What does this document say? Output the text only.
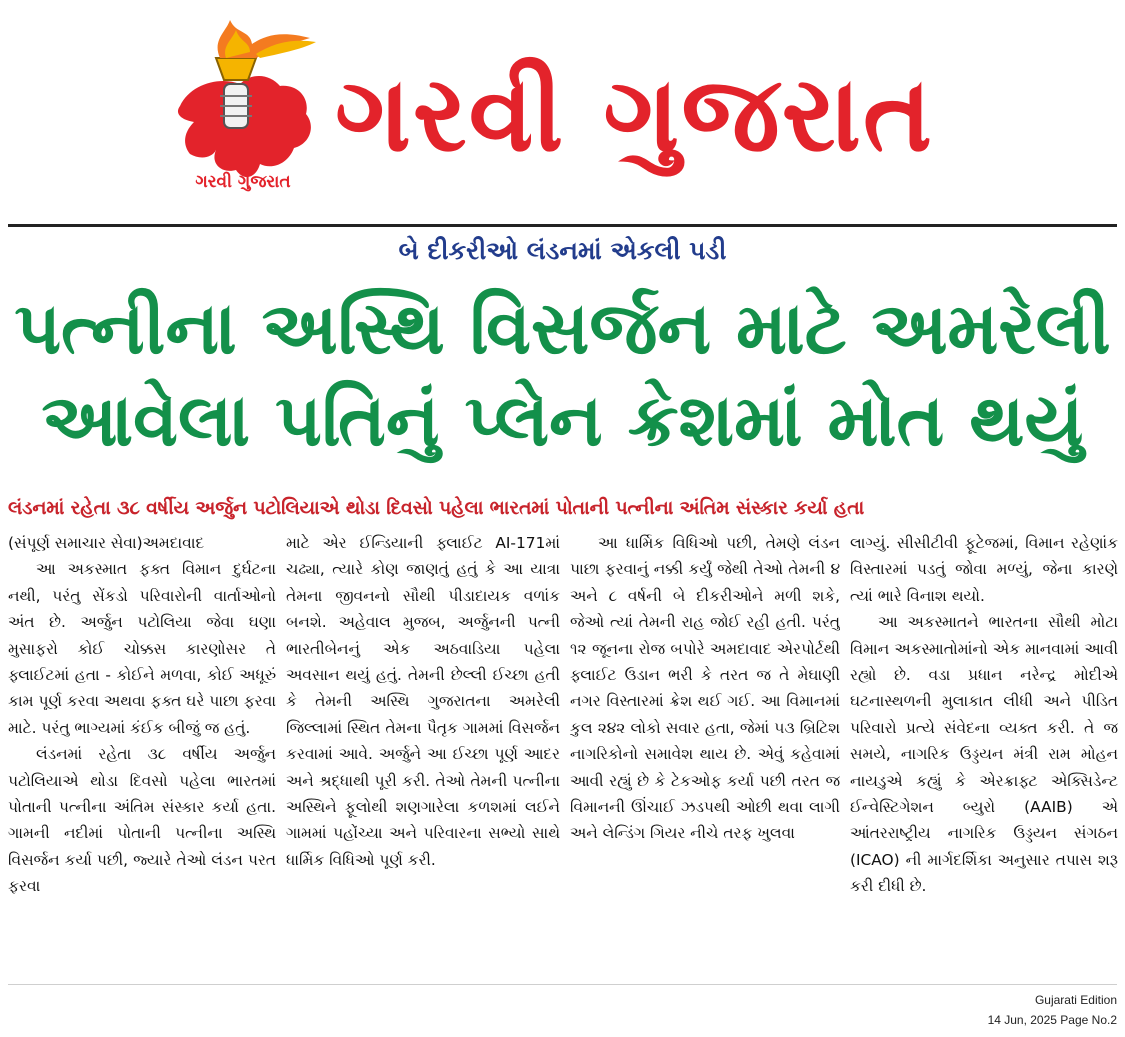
ગરવી ગુજરાત
ગરવી ગુજરાત
બે દીકરીઓ લંડનમાં એકલી પડી
પત્નીના અસ્થિ વિસર્જન માટે અમરેલી
આવેલા પતિનું પ્લેન ક્રેશમાં મોત થયું
લંડનમાં રહેતા ૩૮ વર્ષીય અર્જુન પટોલિયાએ થોડા દિવસો પહેલા ભારતમાં પોતાની પત્નીના અંતિમ સંસ્કાર કર્યા હતા

(સંપૂર્ણ સમાચાર સેવા)અમદાવાદ

આ અકસ્માત ફક્ત વિમાન દુર્ઘટના નથી, પરંતુ સેંકડો પરિવારોની વાર્તાઓનો અંત છે. અર્જુન પટોલિયા જેવા ઘણા મુસાફરો કોઈ ચોક્કસ કારણોસર તે ફ્લાઈટમાં હતા - કોઈને મળવા, કોઈ અધૂરું કામ પૂર્ણ કરવા અથવા ફક્ત ઘરે પાછા ફરવા માટે. પરંતુ ભાગ્યમાં કંઈક બીજું જ હતું.

લંડનમાં રહેતા ૩૮ વર્ષીય અર્જુન પટોલિયાએ થોડા દિવસો પહેલા ભારતમાં પોતાની પત્નીના અંતિમ સંસ્કાર કર્યા હતા. ગામની નદીમાં પોતાની પત્નીના અસ્થિ વિસર્જન કર્યા પછી, જ્યારે તેઓ લંડન પરત ફરવા

માટે એર ઈન્ડિયાની ફ્લાઈટ AI-171માં ચઢ્યા, ત્યારે કોણ જાણતું હતું કે આ યાત્રા તેમના જીવનનો સૌથી પીડાદાયક વળાંક બનશે. અહેવાલ મુજબ, અર્જુનની પત્ની ભારતીબેનનું એક અઠવાડિયા પહેલા અવસાન થયું હતું. તેમની છેલ્લી ઈચ્છા હતી કે તેમની અસ્થિ ગુજરાતના અમરેલી જિલ્લામાં સ્થિત તેમના પૈતૃક ગામમાં વિસર્જન કરવામાં આવે. અર્જુને આ ઈચ્છા પૂર્ણ આદર અને શ્રદ્ધાથી પૂરી કરી. તેઓ તેમની પત્નીના અસ્થિને ફૂલોથી શણગારેલા કળશમાં લઈને ગામમાં પહોંચ્યા અને પરિવારના સભ્યો સાથે ધાર્મિક વિધિઓ પૂર્ણ કરી.

આ ધાર્મિક વિધિઓ પછી, તેમણે લંડન પાછા ફરવાનું નક્કી કર્યું જેથી તેઓ તેમની ૪ અને ૮ વર્ષની બે દીકરીઓને મળી શકે, જેઓ ત્યાં તેમની રાહ જોઈ રહી હતી. પરંતુ ૧૨ જૂનના રોજ બપોરે અમદાવાદ એરપોર્ટથી ફ્લાઈટ ઉડાન ભરી કે તરત જ તે મેઘાણી નગર વિસ્તારમાં ક્રેશ થઈ ગઈ. આ વિમાનમાં કુલ ૨૪૨ લોકો સવાર હતા, જેમાં ૫૩ બ્રિટિશ નાગરિકોનો સમાવેશ થાય છે. એવું કહેવામાં આવી રહ્યું છે કે ટેકઓફ કર્યા પછી તરત જ વિમાનની ઊંચાઈ ઝડપથી ઓછી થવા લાગી અને લેન્ડિંગ ગિયર નીચે તરફ ખુલવા

લાગ્યું. સીસીટીવી ફૂટેજમાં, વિમાન રહેણાંક વિસ્તારમાં પડતું જોવા મળ્યું, જેના કારણે ત્યાં ભારે વિનાશ થયો.

આ અકસ્માતને ભારતના સૌથી મોટા વિમાન અકસ્માતોમાંનો એક માનવામાં આવી રહ્યો છે. વડા પ્રધાન નરેન્દ્ર મોદીએ ઘટનાસ્થળની મુલાકાત લીધી અને પીડિત પરિવારો પ્રત્યે સંવેદના વ્યક્ત કરી. તે જ સમયે, નાગરિક ઉડ્ડયન મંત્રી રામ મોહન નાયડુએ કહ્યું કે એરક્રાફ્ટ એક્સિડેન્ટ ઈન્વેસ્ટિગેશન બ્યુરો (AAIB) એ આંતરરાષ્ટ્રીય નાગરિક ઉડ્ડયન સંગઠન (ICAO) ની માર્ગદર્શિકા અનુસાર તપાસ શરૂ કરી દીધી છે.

Gujarati Edition
14 Jun, 2025 Page No.2
